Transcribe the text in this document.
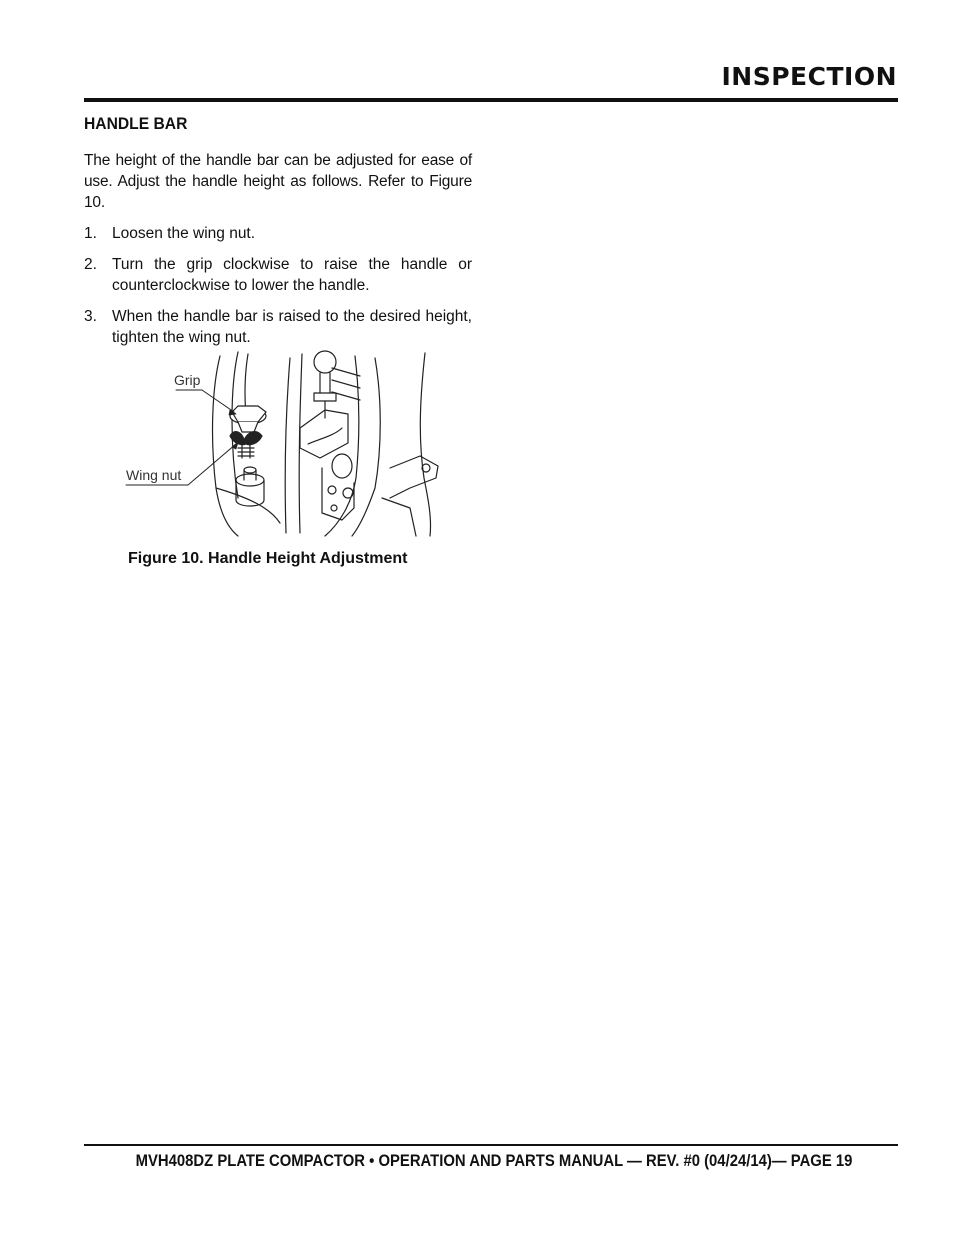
INSPECTION
HANDLE BAR

The height of the handle bar can be adjusted for ease of use. Adjust the handle height as follows. Refer to Figure 10.

1. Loosen the wing nut.
2. Turn the grip clockwise to raise the handle or counterclockwise to lower the handle.
3. When the handle bar is raised to the desired height, tighten the wing nut.
Grip
Wing nut

Figure 10. Handle Height Adjustment

MVH408DZ PLATE COMPACTOR • OPERATION AND PARTS MANUAL — REV. #0 (04/24/14)— PAGE 19
